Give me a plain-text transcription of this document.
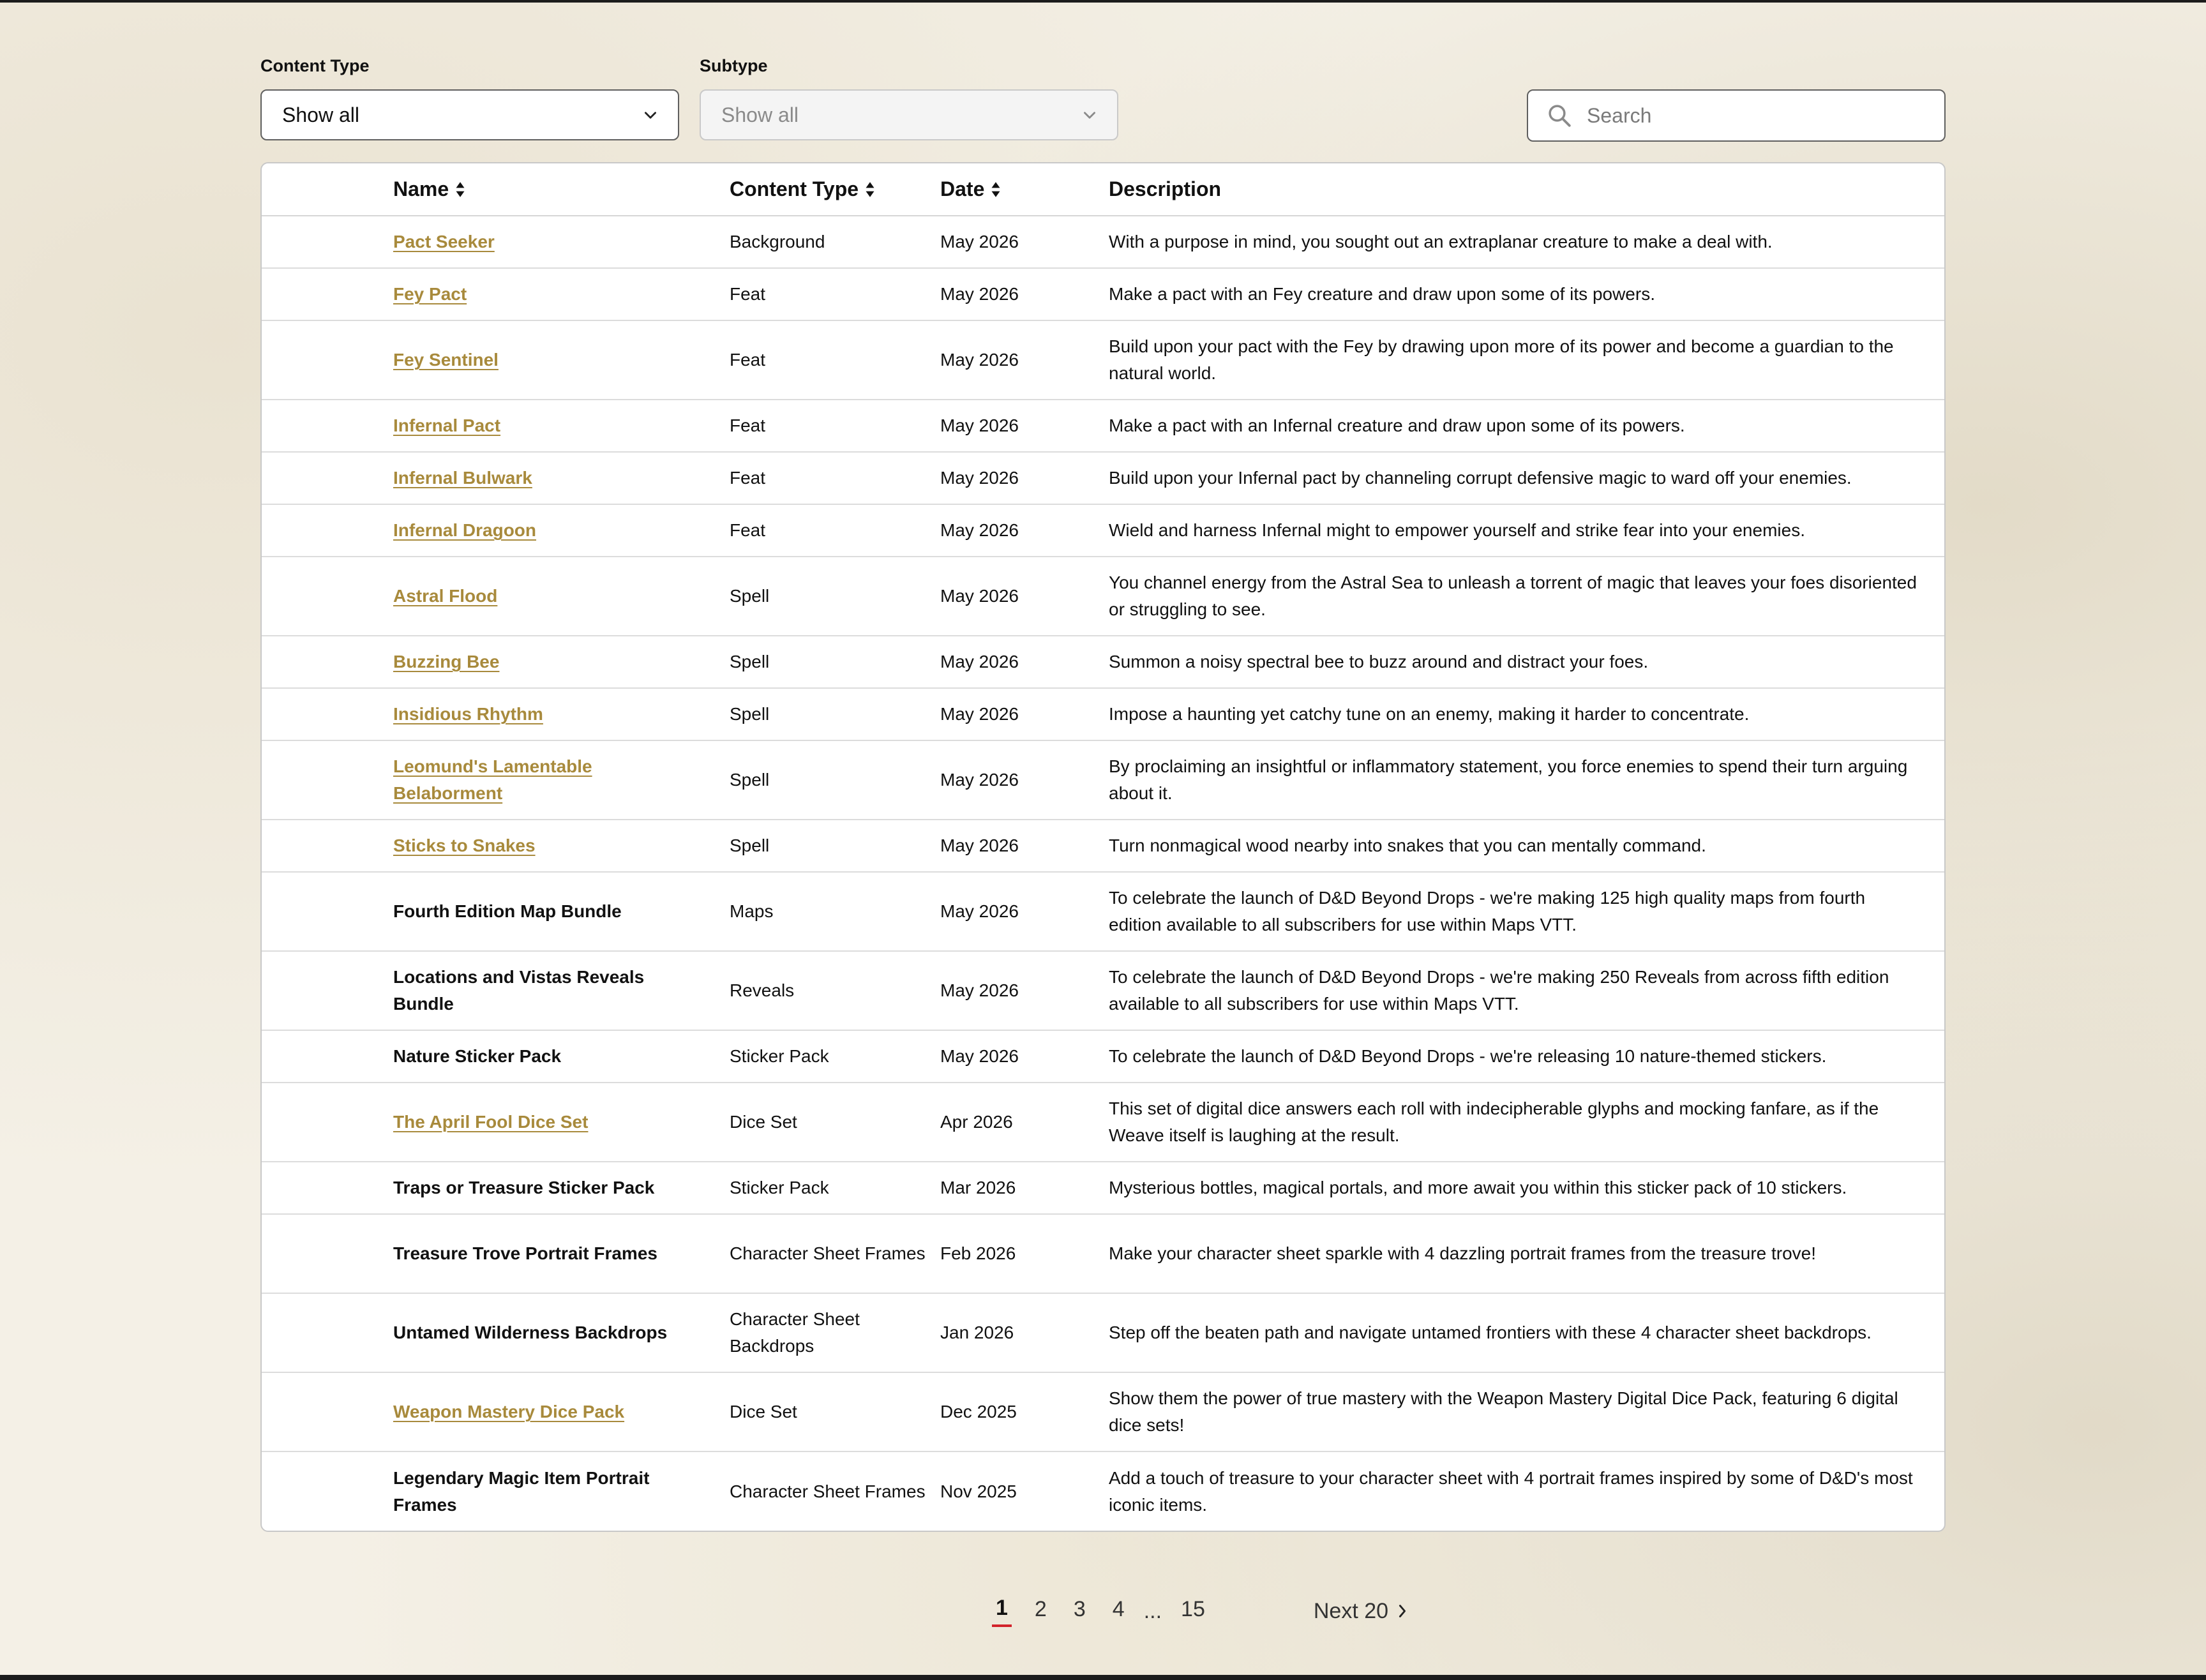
Content Type
Show all
Subtype
Show all
Search
	Name	Content Type	Date	Description
	Pact Seeker	Background	May 2026	With a purpose in mind, you sought out an extraplanar creature to make a deal with.
	Fey Pact	Feat	May 2026	Make a pact with an Fey creature and draw upon some of its powers.
	Fey Sentinel	Feat	May 2026	Build upon your pact with the Fey by drawing upon more of its power and become a guardian to the natural world.
	Infernal Pact	Feat	May 2026	Make a pact with an Infernal creature and draw upon some of its powers.
	Infernal Bulwark	Feat	May 2026	Build upon your Infernal pact by channeling corrupt defensive magic to ward off your enemies.
	Infernal Dragoon	Feat	May 2026	Wield and harness Infernal might to empower yourself and strike fear into your enemies.
	Astral Flood	Spell	May 2026	You channel energy from the Astral Sea to unleash a torrent of magic that leaves your foes disoriented or struggling to see.
	Buzzing Bee	Spell	May 2026	Summon a noisy spectral bee to buzz around and distract your foes.
	Insidious Rhythm	Spell	May 2026	Impose a haunting yet catchy tune on an enemy, making it harder to concentrate.
	Leomund's Lamentable Belaborment	Spell	May 2026	By proclaiming an insightful or inflammatory statement, you force enemies to spend their turn arguing about it.
	Sticks to Snakes	Spell	May 2026	Turn nonmagical wood nearby into snakes that you can mentally command.
	Fourth Edition Map Bundle	Maps	May 2026	To celebrate the launch of D&D Beyond Drops - we're making 125 high quality maps from fourth edition available to all subscribers for use within Maps VTT.
	Locations and Vistas Reveals Bundle	Reveals	May 2026	To celebrate the launch of D&D Beyond Drops - we're making 250 Reveals from across fifth edition available to all subscribers for use within Maps VTT.
	Nature Sticker Pack	Sticker Pack	May 2026	To celebrate the launch of D&D Beyond Drops - we're releasing 10 nature-themed stickers.
	The April Fool Dice Set	Dice Set	Apr 2026	This set of digital dice answers each roll with indecipherable glyphs and mocking fanfare, as if the Weave itself is laughing at the result.
	Traps or Treasure Sticker Pack	Sticker Pack	Mar 2026	Mysterious bottles, magical portals, and more await you within this sticker pack of 10 stickers.
	Treasure Trove Portrait Frames	Character Sheet Frames	Feb 2026	Make your character sheet sparkle with 4 dazzling portrait frames from the treasure trove!
	Untamed Wilderness Backdrops	Character Sheet Backdrops	Jan 2026	Step off the beaten path and navigate untamed frontiers with these 4 character sheet backdrops.
	Weapon Mastery Dice Pack	Dice Set	Dec 2025	Show them the power of true mastery with the Weapon Mastery Digital Dice Pack, featuring 6 digital dice sets!
	Legendary Magic Item Portrait Frames	Character Sheet Frames	Nov 2025	Add a touch of treasure to your character sheet with 4 portrait frames inspired by some of D&D's most iconic items.
1 2 3 4 ... 15	Next 20
